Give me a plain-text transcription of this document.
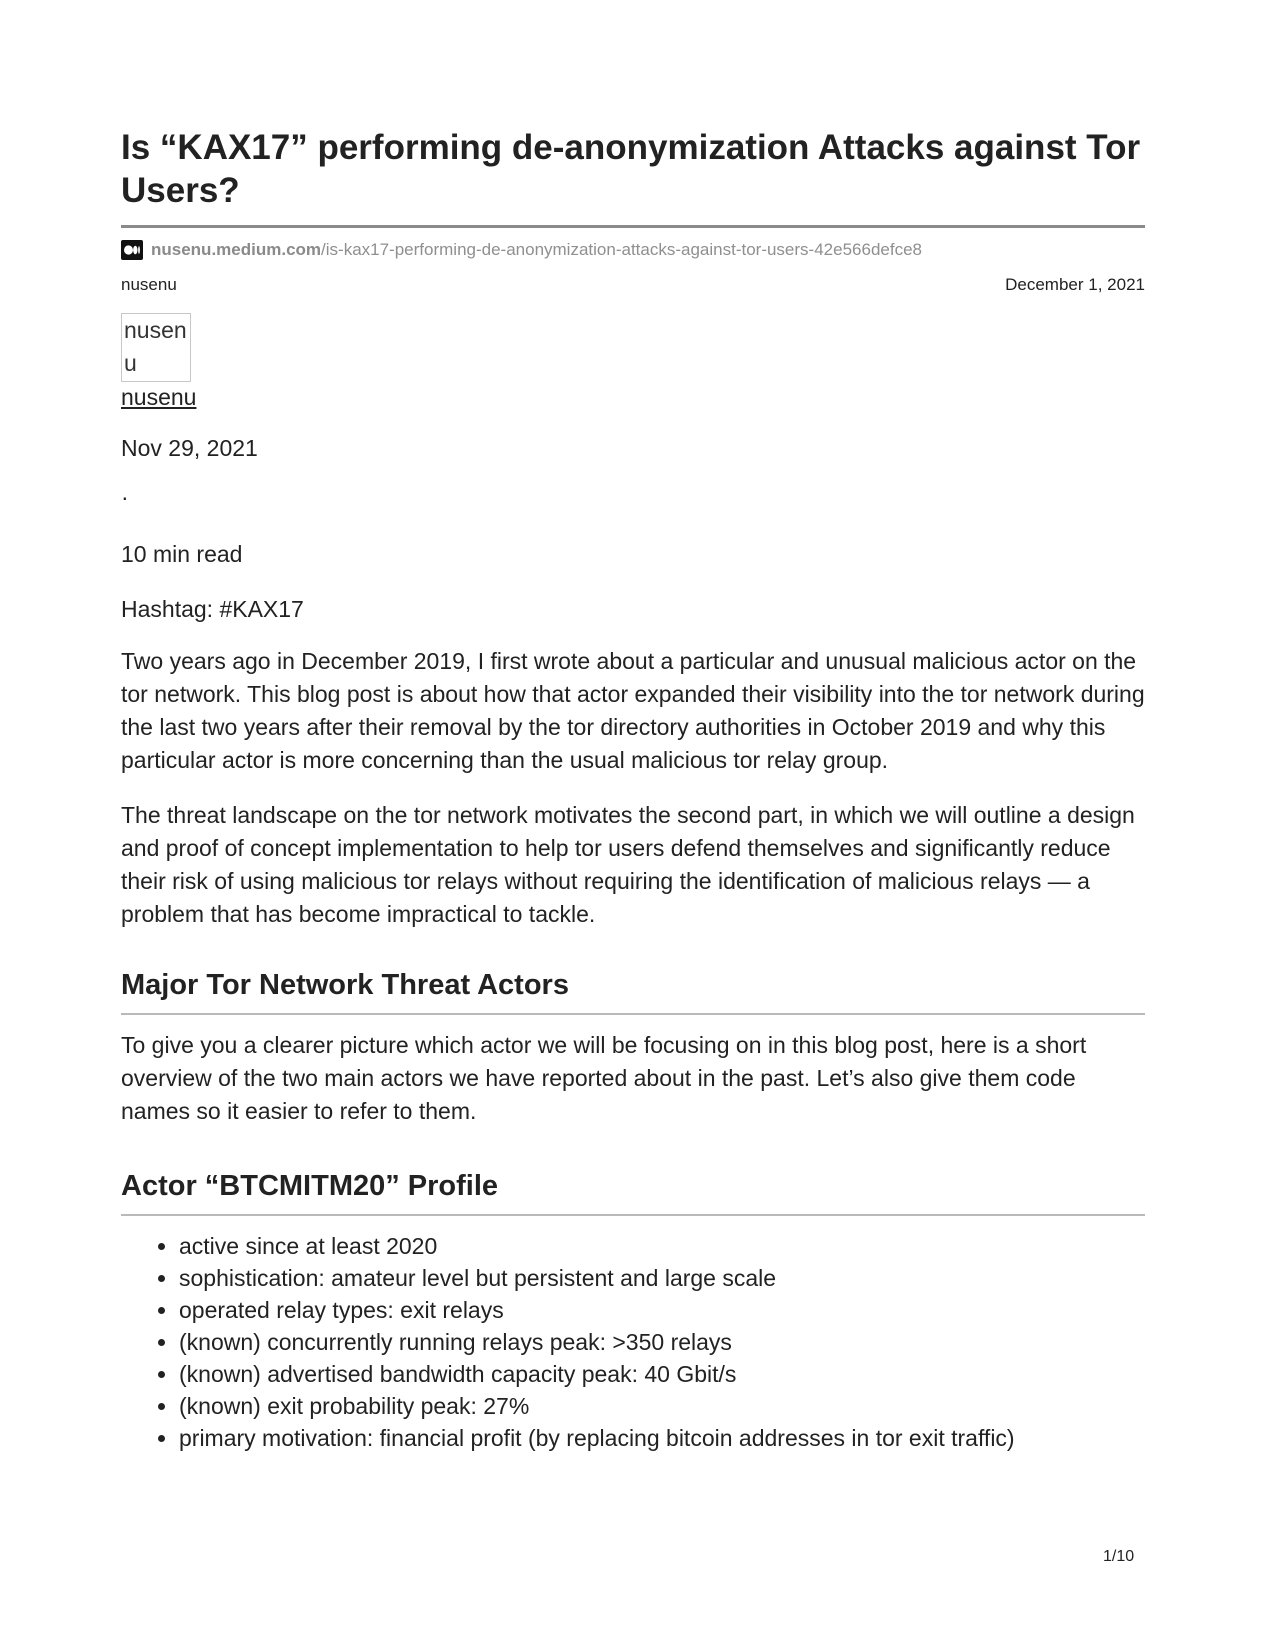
Is “KAX17” performing de-anonymization Attacks against Tor Users?
nusenu.medium.com /is-kax17-performing-de-anonymization-attacks-against-tor-users-42e566defce8
nusenu	December 1, 2021
nusenu
nusenu

Nov 29, 2021

·

10 min read

Hashtag: #KAX17

Two years ago in December 2019, I first wrote about a particular and unusual malicious actor on the tor network. This blog post is about how that actor expanded their visibility into the tor network during the last two years after their removal by the tor directory authorities in October 2019 and why this particular actor is more concerning than the usual malicious tor relay group.

The threat landscape on the tor network motivates the second part, in which we will outline a design and proof of concept implementation to help tor users defend themselves and significantly reduce their risk of using malicious tor relays without requiring the identification of malicious relays — a problem that has become impractical to tackle.

Major Tor Network Threat Actors

To give you a clearer picture which actor we will be focusing on in this blog post, here is a short overview of the two main actors we have reported about in the past. Let’s also give them code names so it easier to refer to them.

Actor “BTCMITM20” Profile
• active since at least 2020
• sophistication: amateur level but persistent and large scale
• operated relay types: exit relays
• (known) concurrently running relays peak: >350 relays
• (known) advertised bandwidth capacity peak: 40 Gbit/s
• (known) exit probability peak: 27%
• primary motivation: financial profit (by replacing bitcoin addresses in tor exit traffic)
1/10
